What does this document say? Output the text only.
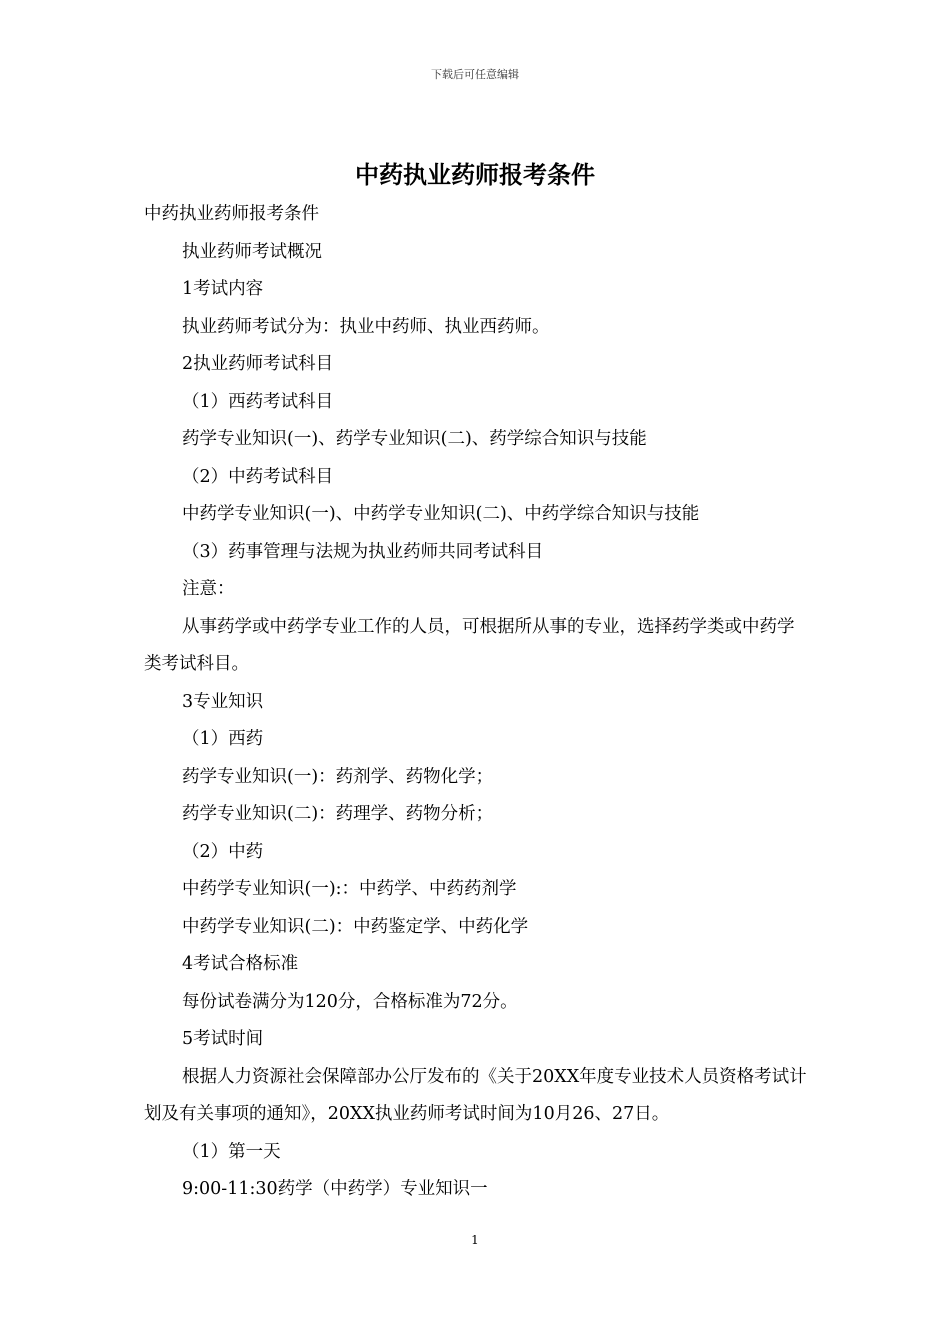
下载后可任意编辑
中药执业药师报考条件

中药执业药师报考条件

执业药师考试概况

1考试内容

执业药师考试分为：执业中药师、执业西药师。

2执业药师考试科目

（1）西药考试科目

药学专业知识(一)、药学专业知识(二)、药学综合知识与技能

（2）中药考试科目

中药学专业知识(一)、中药学专业知识(二)、中药学综合知识与技能

（3）药事管理与法规为执业药师共同考试科目

注意：

从事药学或中药学专业工作的人员，可根据所从事的专业，选择药学类或中药学类考试科目。

3专业知识

（1）西药

药学专业知识(一)：药剂学、药物化学；

药学专业知识(二)：药理学、药物分析；

（2）中药

中药学专业知识(一):：中药学、中药药剂学

中药学专业知识(二)：中药鉴定学、中药化学

4考试合格标准

每份试卷满分为120分，合格标准为72分。

5考试时间

根据人力资源社会保障部办公厅发布的《关于20XX年度专业技术人员资格考试计划及有关事项的通知》，20XX执业药师考试时间为10月26、27日。

（1）第一天

9:00-11:30药学（中药学）专业知识一

1
